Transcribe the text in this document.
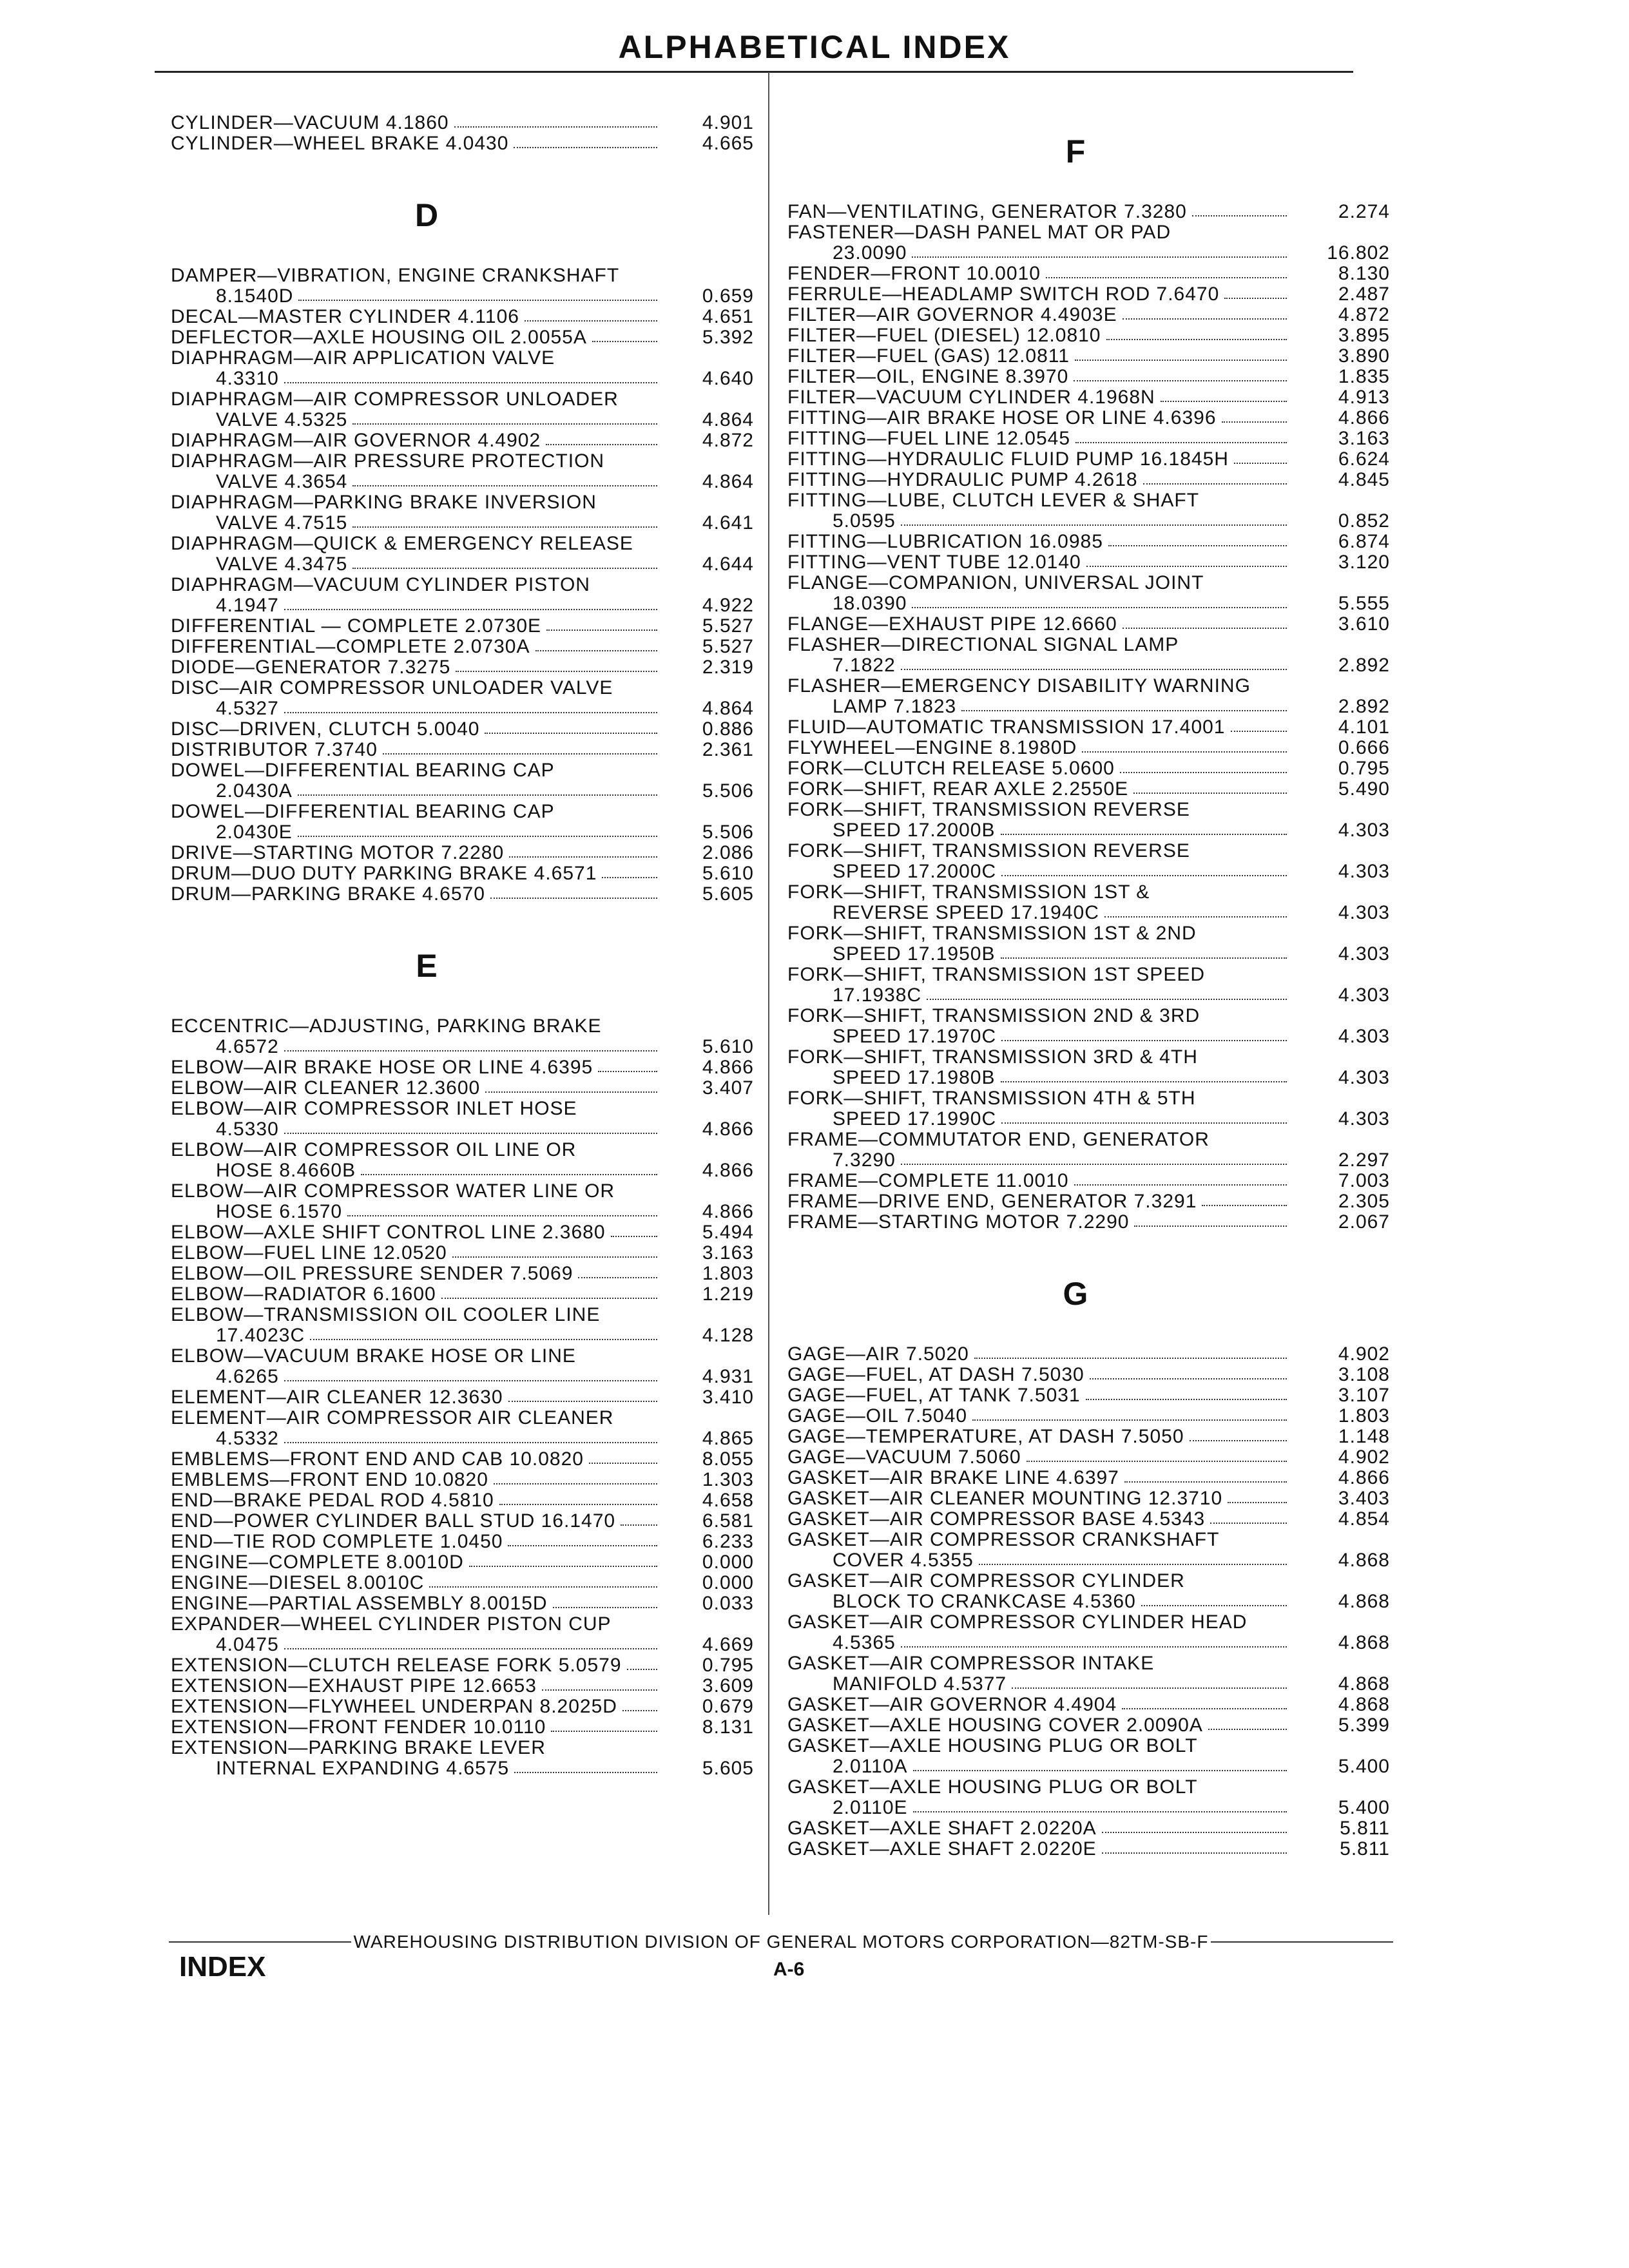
ALPHABETICAL INDEX
CYLINDER—VACUUM 4.1860	4.901
CYLINDER—WHEEL BRAKE 4.0430	4.665
D
DAMPER—VIBRATION, ENGINE CRANKSHAFT
8.1540D	0.659
DECAL—MASTER CYLINDER 4.1106	4.651
DEFLECTOR—AXLE HOUSING OIL 2.0055A	5.392
DIAPHRAGM—AIR APPLICATION VALVE
4.3310	4.640
DIAPHRAGM—AIR COMPRESSOR UNLOADER
VALVE 4.5325	4.864
DIAPHRAGM—AIR GOVERNOR 4.4902	4.872
DIAPHRAGM—AIR PRESSURE PROTECTION
VALVE 4.3654	4.864
DIAPHRAGM—PARKING BRAKE INVERSION
VALVE 4.7515	4.641
DIAPHRAGM—QUICK & EMERGENCY RELEASE
VALVE 4.3475	4.644
DIAPHRAGM—VACUUM CYLINDER PISTON
4.1947	4.922
DIFFERENTIAL — COMPLETE 2.0730E	5.527
DIFFERENTIAL—COMPLETE 2.0730A	5.527
DIODE—GENERATOR 7.3275	2.319
DISC—AIR COMPRESSOR UNLOADER VALVE
4.5327	4.864
DISC—DRIVEN, CLUTCH 5.0040	0.886
DISTRIBUTOR 7.3740	2.361
DOWEL—DIFFERENTIAL BEARING CAP
2.0430A	5.506
DOWEL—DIFFERENTIAL BEARING CAP
2.0430E	5.506
DRIVE—STARTING MOTOR 7.2280	2.086
DRUM—DUO DUTY PARKING BRAKE 4.6571	5.610
DRUM—PARKING BRAKE 4.6570	5.605
E
ECCENTRIC—ADJUSTING, PARKING BRAKE
4.6572	5.610
ELBOW—AIR BRAKE HOSE OR LINE 4.6395	4.866
ELBOW—AIR CLEANER 12.3600	3.407
ELBOW—AIR COMPRESSOR INLET HOSE
4.5330	4.866
ELBOW—AIR COMPRESSOR OIL LINE OR
HOSE 8.4660B	4.866
ELBOW—AIR COMPRESSOR WATER LINE OR
HOSE 6.1570	4.866
ELBOW—AXLE SHIFT CONTROL LINE 2.3680	5.494
ELBOW—FUEL LINE 12.0520	3.163
ELBOW—OIL PRESSURE SENDER 7.5069	1.803
ELBOW—RADIATOR 6.1600	1.219
ELBOW—TRANSMISSION OIL COOLER LINE
17.4023C	4.128
ELBOW—VACUUM BRAKE HOSE OR LINE
4.6265	4.931
ELEMENT—AIR CLEANER 12.3630	3.410
ELEMENT—AIR COMPRESSOR AIR CLEANER
4.5332	4.865
EMBLEMS—FRONT END AND CAB 10.0820	8.055
EMBLEMS—FRONT END 10.0820	1.303
END—BRAKE PEDAL ROD 4.5810	4.658
END—POWER CYLINDER BALL STUD 16.1470	6.581
END—TIE ROD COMPLETE 1.0450	6.233
ENGINE—COMPLETE 8.0010D	0.000
ENGINE—DIESEL 8.0010C	0.000
ENGINE—PARTIAL ASSEMBLY 8.0015D	0.033
EXPANDER—WHEEL CYLINDER PISTON CUP
4.0475	4.669
EXTENSION—CLUTCH RELEASE FORK 5.0579	0.795
EXTENSION—EXHAUST PIPE 12.6653	3.609
EXTENSION—FLYWHEEL UNDERPAN 8.2025D	0.679
EXTENSION—FRONT FENDER 10.0110	8.131
EXTENSION—PARKING BRAKE LEVER
INTERNAL EXPANDING 4.6575	5.605
F
FAN—VENTILATING, GENERATOR 7.3280	2.274
FASTENER—DASH PANEL MAT OR PAD
23.0090	16.802
FENDER—FRONT 10.0010	8.130
FERRULE—HEADLAMP SWITCH ROD 7.6470	2.487
FILTER—AIR GOVERNOR 4.4903E	4.872
FILTER—FUEL (DIESEL) 12.0810	3.895
FILTER—FUEL (GAS) 12.0811	3.890
FILTER—OIL, ENGINE 8.3970	1.835
FILTER—VACUUM CYLINDER 4.1968N	4.913
FITTING—AIR BRAKE HOSE OR LINE 4.6396	4.866
FITTING—FUEL LINE 12.0545	3.163
FITTING—HYDRAULIC FLUID PUMP 16.1845H	6.624
FITTING—HYDRAULIC PUMP 4.2618	4.845
FITTING—LUBE, CLUTCH LEVER & SHAFT
5.0595	0.852
FITTING—LUBRICATION 16.0985	6.874
FITTING—VENT TUBE 12.0140	3.120
FLANGE—COMPANION, UNIVERSAL JOINT
18.0390	5.555
FLANGE—EXHAUST PIPE 12.6660	3.610
FLASHER—DIRECTIONAL SIGNAL LAMP
7.1822	2.892
FLASHER—EMERGENCY DISABILITY WARNING
LAMP 7.1823	2.892
FLUID—AUTOMATIC TRANSMISSION 17.4001	4.101
FLYWHEEL—ENGINE 8.1980D	0.666
FORK—CLUTCH RELEASE 5.0600	0.795
FORK—SHIFT, REAR AXLE 2.2550E	5.490
FORK—SHIFT, TRANSMISSION REVERSE
SPEED 17.2000B	4.303
FORK—SHIFT, TRANSMISSION REVERSE
SPEED 17.2000C	4.303
FORK—SHIFT, TRANSMISSION 1ST &
REVERSE SPEED 17.1940C	4.303
FORK—SHIFT, TRANSMISSION 1ST & 2ND
SPEED 17.1950B	4.303
FORK—SHIFT, TRANSMISSION 1ST SPEED
17.1938C	4.303
FORK—SHIFT, TRANSMISSION 2ND & 3RD
SPEED 17.1970C	4.303
FORK—SHIFT, TRANSMISSION 3RD & 4TH
SPEED 17.1980B	4.303
FORK—SHIFT, TRANSMISSION 4TH & 5TH
SPEED 17.1990C	4.303
FRAME—COMMUTATOR END, GENERATOR
7.3290	2.297
FRAME—COMPLETE 11.0010	7.003
FRAME—DRIVE END, GENERATOR 7.3291	2.305
FRAME—STARTING MOTOR 7.2290	2.067
G
GAGE—AIR 7.5020	4.902
GAGE—FUEL, AT DASH 7.5030	3.108
GAGE—FUEL, AT TANK 7.5031	3.107
GAGE—OIL 7.5040	1.803
GAGE—TEMPERATURE, AT DASH 7.5050	1.148
GAGE—VACUUM 7.5060	4.902
GASKET—AIR BRAKE LINE 4.6397	4.866
GASKET—AIR CLEANER MOUNTING 12.3710	3.403
GASKET—AIR COMPRESSOR BASE 4.5343	4.854
GASKET—AIR COMPRESSOR CRANKSHAFT
COVER 4.5355	4.868
GASKET—AIR COMPRESSOR CYLINDER
BLOCK TO CRANKCASE 4.5360	4.868
GASKET—AIR COMPRESSOR CYLINDER HEAD
4.5365	4.868
GASKET—AIR COMPRESSOR INTAKE
MANIFOLD 4.5377	4.868
GASKET—AIR GOVERNOR 4.4904	4.868
GASKET—AXLE HOUSING COVER 2.0090A	5.399
GASKET—AXLE HOUSING PLUG OR BOLT
2.0110A	5.400
GASKET—AXLE HOUSING PLUG OR BOLT
2.0110E	5.400
GASKET—AXLE SHAFT 2.0220A	5.811
GASKET—AXLE SHAFT 2.0220E	5.811
WAREHOUSING DISTRIBUTION DIVISION OF GENERAL MOTORS CORPORATION—82TM-SB-F
INDEX	A-6
